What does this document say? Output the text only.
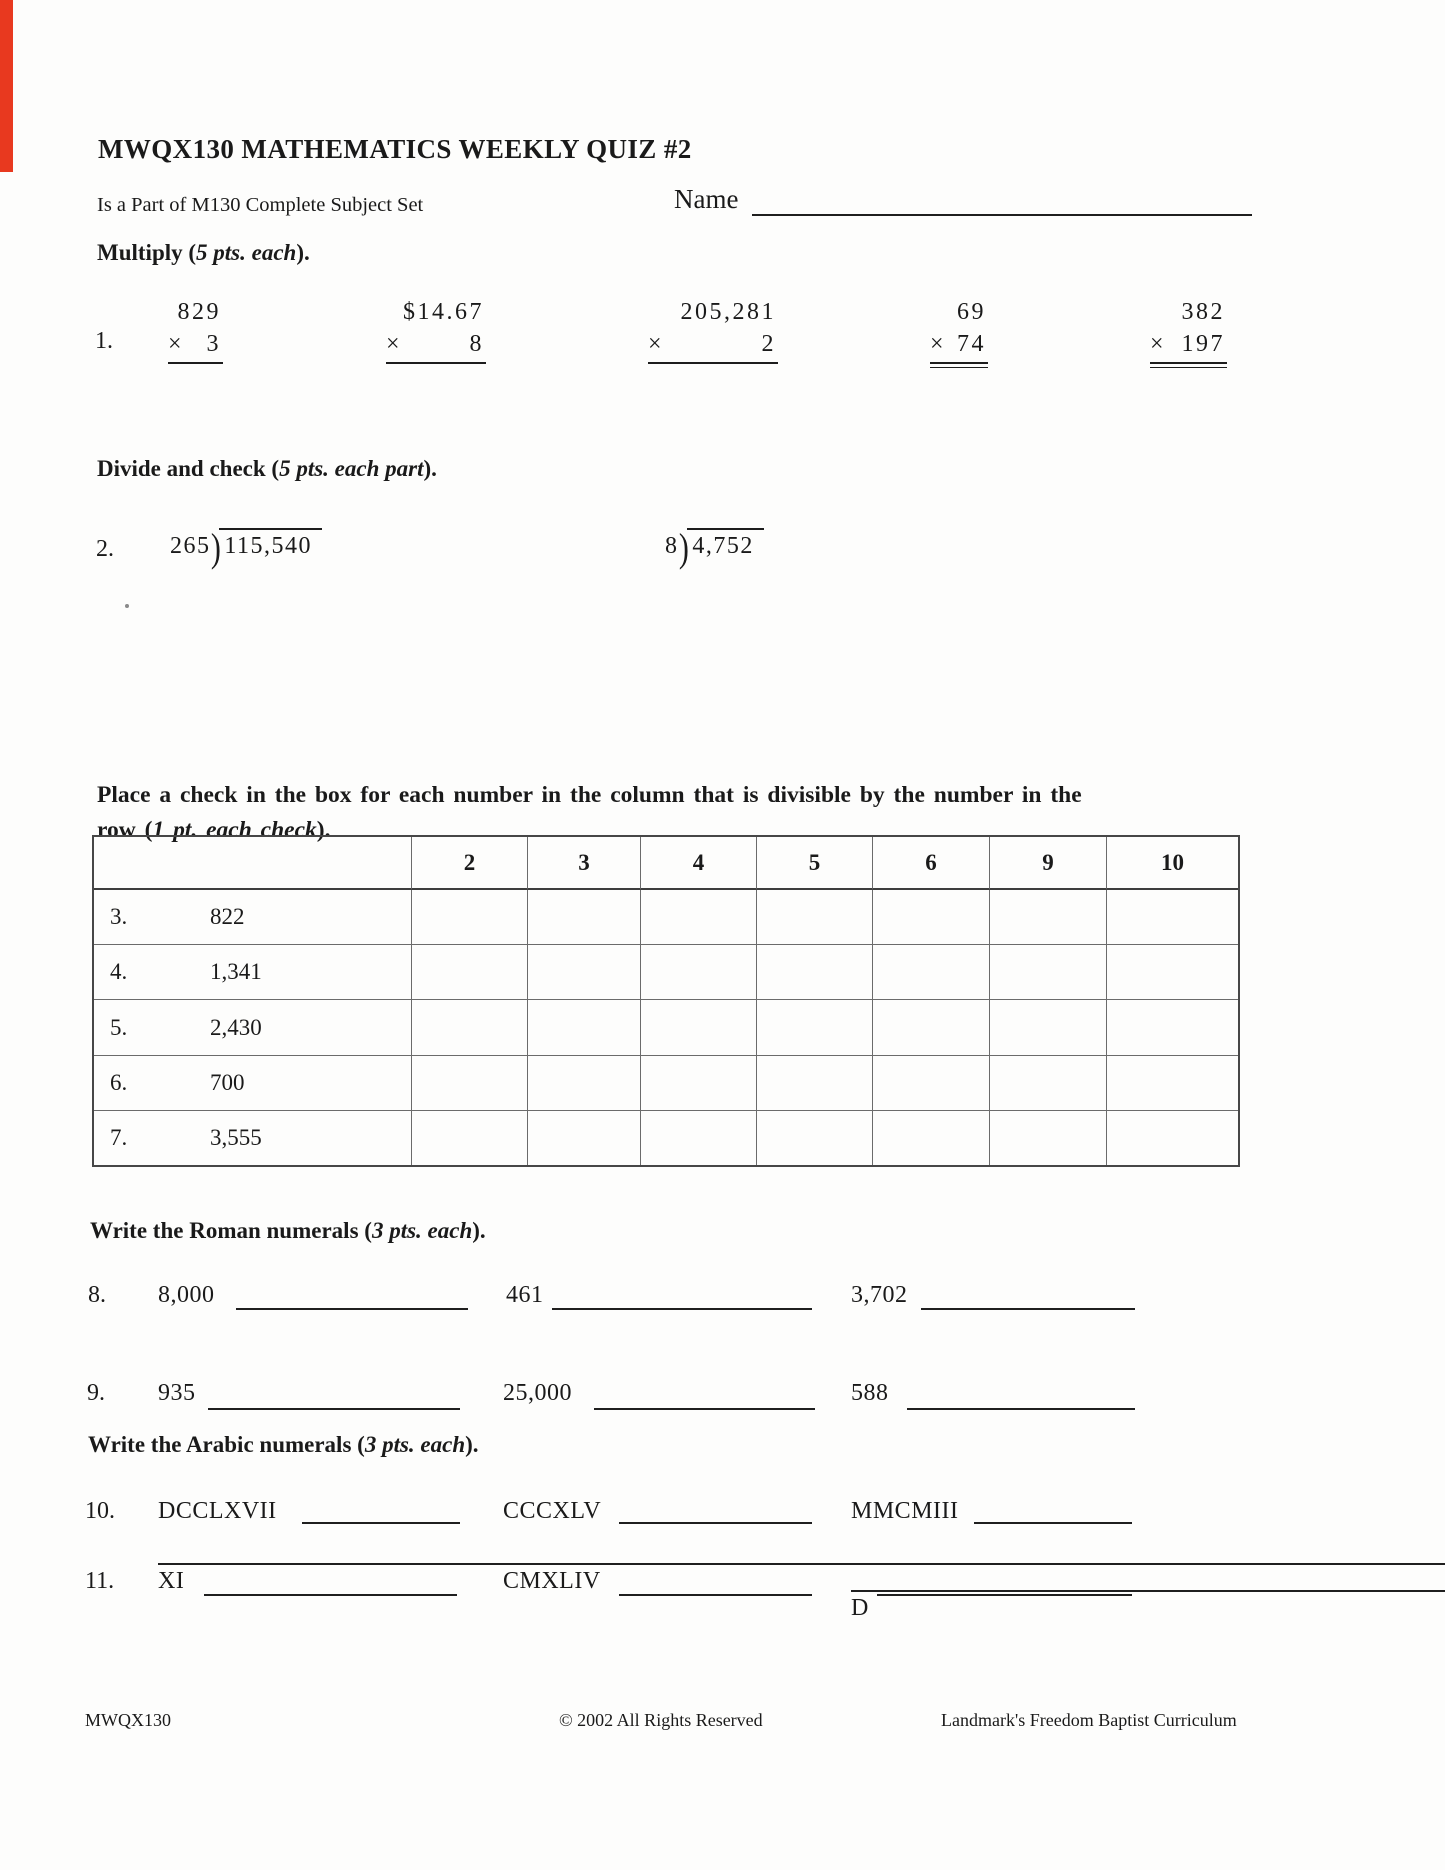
MWQX130 MATHEMATICS WEEKLY QUIZ #2
Is a Part of M130 Complete Subject Set	Name
Multiply (5 pts. each).
1.
829
× 3
$14.67
×	8
205,281
×	2
69
× 74
382
× 197
Divide and check (5 pts. each part).
2. 265) 115,540	8) 4,752
Place a check in the box for each number in the column that is divisible by the number in the
row (1 pt. each check).
2	3	4	5	6	9	10
3.	822
4.	1,341
5.	2,430
6.	700
7.	3,555
Write the Roman numerals (3 pts. each).
8. 8,000	461	3,702
9. 935	25,000	588
Write the Arabic numerals (3 pts. each).
10. DCCLXVII	CCCXLV	MMCMIII
11. XI	CMXLIV
D
MWQX130	© 2002 All Rights Reserved	Landmark's Freedom Baptist Curriculum
